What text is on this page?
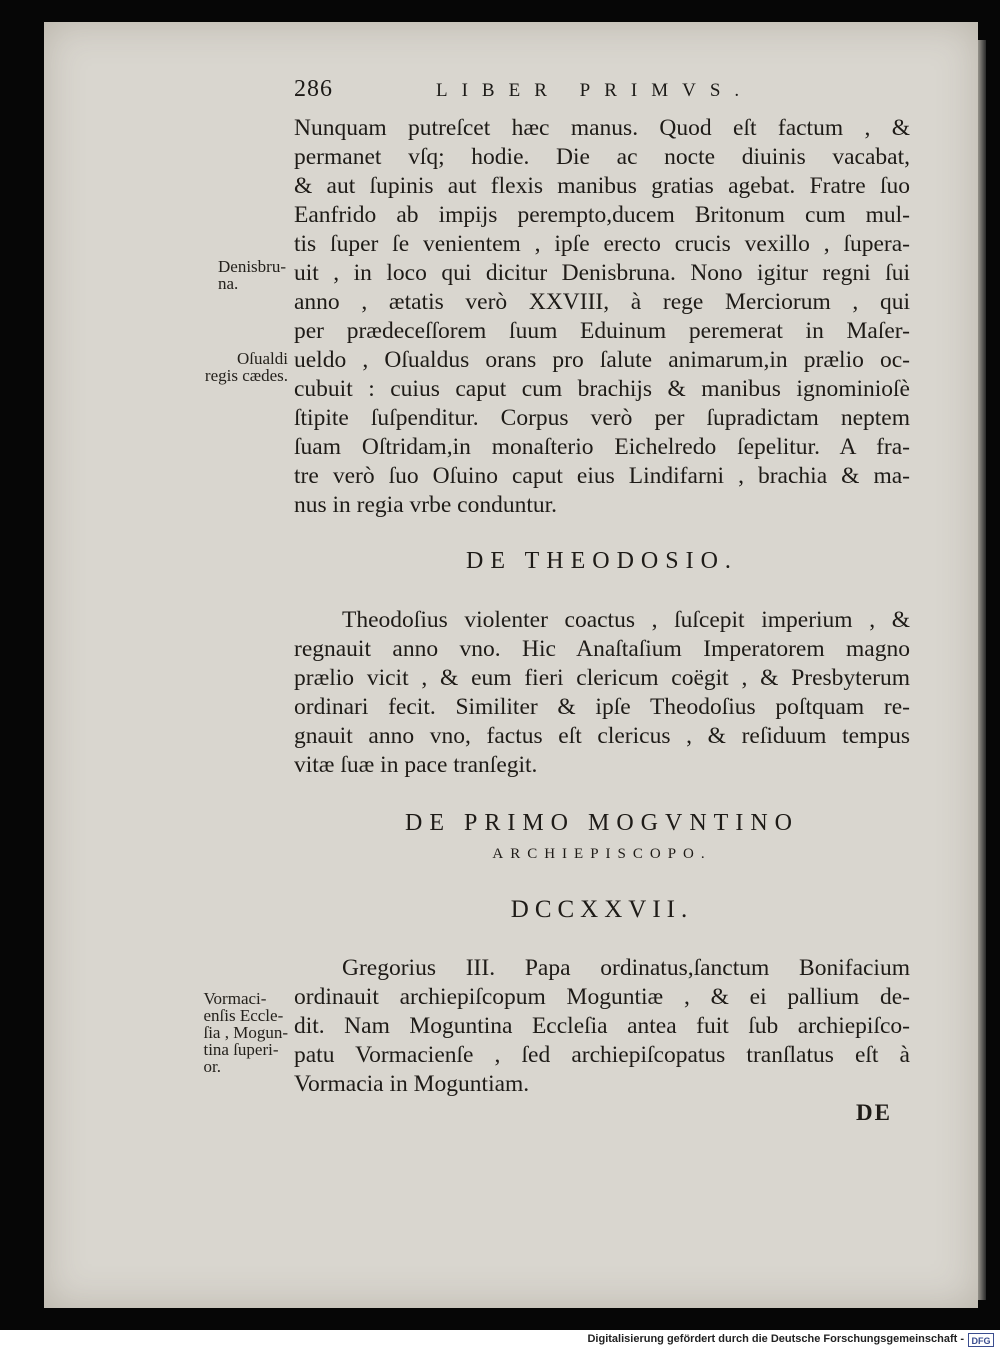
286	LIBER PRIMVS.
Nunquam putreſcet hæc manus. Quod eſt factum , &
permanet vſq; hodie. Die ac nocte diuinis vacabat,
& aut ſupinis aut flexis manibus gratias agebat. Fratre ſuo
Eanfrido ab impijs perempto,ducem Britonum cum mul-
tis ſuper ſe venientem , ipſe erecto crucis vexillo , ſupera-
uit , in loco qui dicitur Denisbruna. Nono igitur regni ſui
anno , ætatis verò XXVIII, à rege Merciorum , qui
per prædeceſſorem ſuum Eduinum peremerat in Maſer-
ueldo , Oſualdus orans pro ſalute animarum,in prælio oc-
cubuit : cuius caput cum brachijs & manibus ignominioſè
ſtipite ſuſpenditur. Corpus verò per ſupradictam neptem
ſuam Oſtridam,in monaſterio Eichelredo ſepelitur. A fra-
tre verò ſuo Oſuino caput eius Lindifarni , brachia & ma-
nus in regia vrbe conduntur.
Denisbru-
na.
Oſualdi
regis cædes.
Vormaci-
enſis Eccle-
ſia , Mogun-
tina ſuperi-
or.
DE THEODOSIO.
Theodoſius violenter coactus , ſuſcepit imperium , &
regnauit anno vno. Hic Anaſtaſium Imperatorem magno
prælio vicit , & eum fieri clericum coëgit , & Presbyterum
ordinari fecit. Similiter & ipſe Theodoſius poſtquam re-
gnauit anno vno, factus eſt clericus , & reſiduum tempus
vitæ ſuæ in pace tranſegit.
DE PRIMO MOGVNTINO
ARCHIEPISCOPO.
DCCXXVII.
Gregorius III. Papa ordinatus,ſanctum Bonifacium
ordinauit archiepiſcopum Moguntiæ , & ei pallium de-
dit. Nam Moguntina Eccleſia antea fuit ſub archiepiſco-
patu Vormacienſe , ſed archiepiſcopatus tranſlatus eſt à
Vormacia in Moguntiam.
DE
Digitalisierung gefördert durch die Deutsche Forschungsgemeinschaft - DFG
